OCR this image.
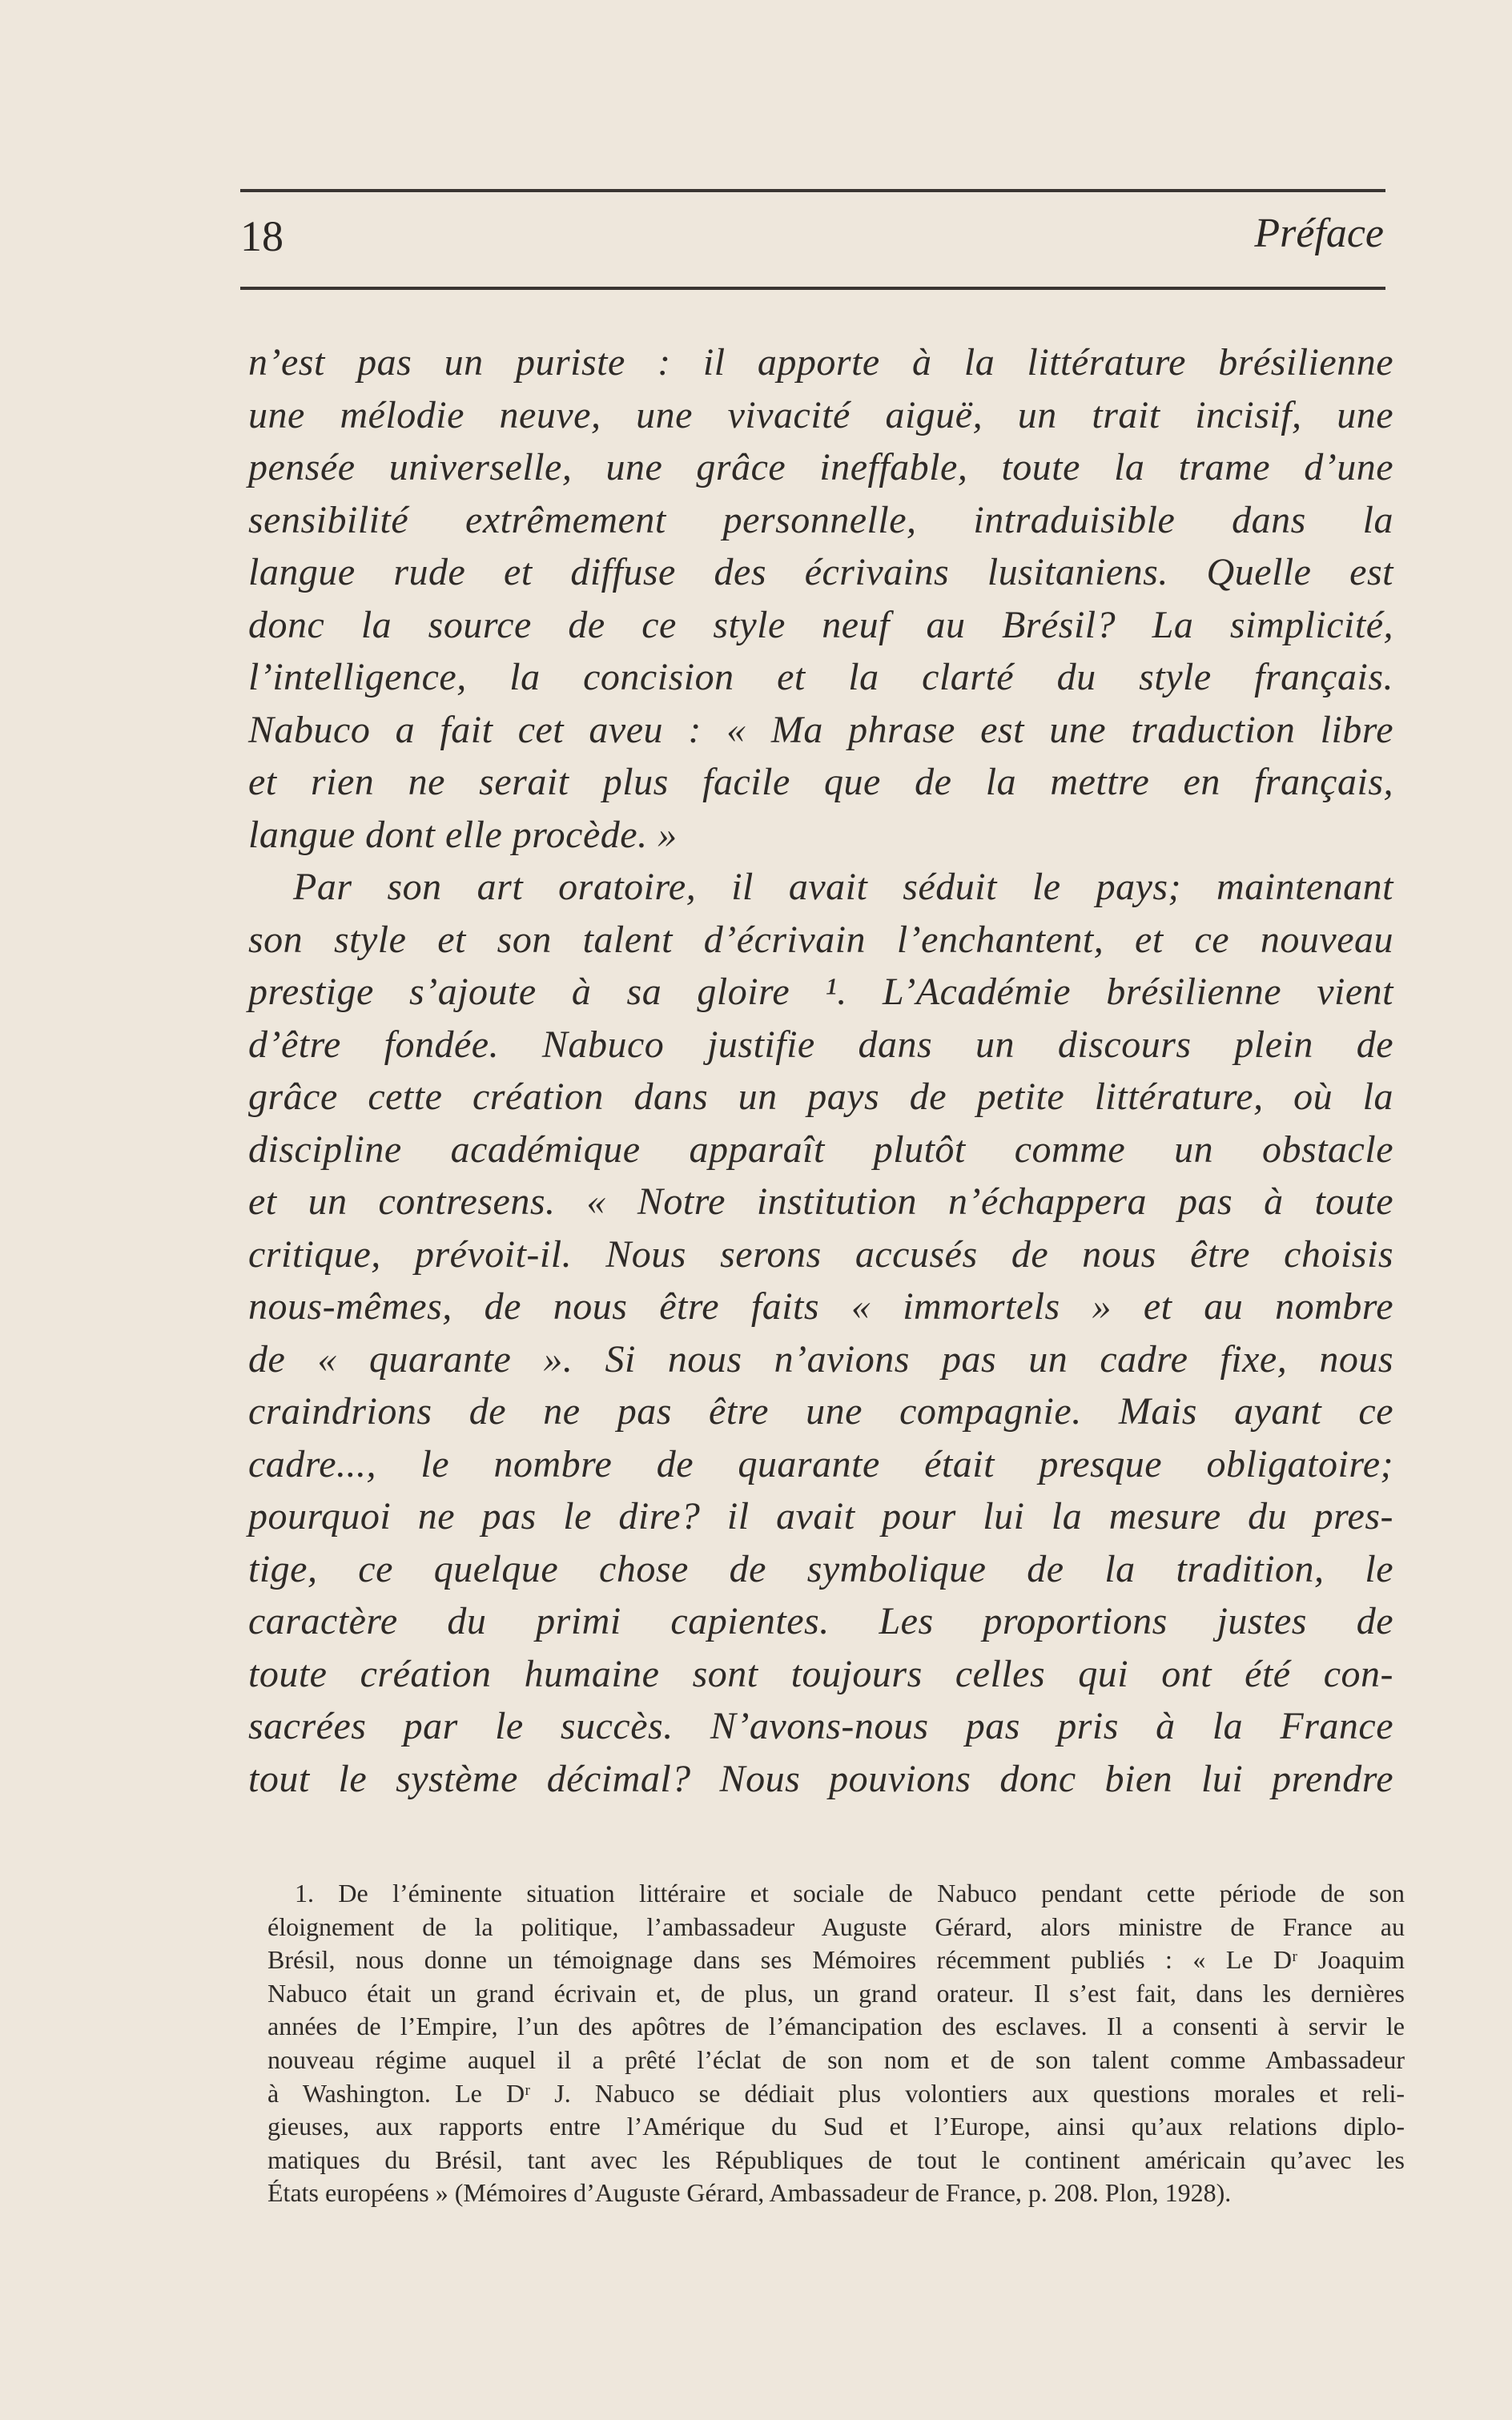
18	Préface
n’est pas un puriste : il apporte à la littérature brésilienne
une mélodie neuve, une vivacité aiguë, un trait incisif, une
pensée universelle, une grâce ineffable, toute la trame d’une
sensibilité extrêmement personnelle, intraduisible dans la
langue rude et diffuse des écrivains lusitaniens. Quelle est
donc la source de ce style neuf au Brésil? La simplicité,
l’intelligence, la concision et la clarté du style français.
Nabuco a fait cet aveu : « Ma phrase est une traduction libre
et rien ne serait plus facile que de la mettre en français,
langue dont elle procède. »
Par son art oratoire, il avait séduit le pays; maintenant
son style et son talent d’écrivain l’enchantent, et ce nouveau
prestige s’ajoute à sa gloire ¹. L’Académie brésilienne vient
d’être fondée. Nabuco justifie dans un discours plein de
grâce cette création dans un pays de petite littérature, où la
discipline académique apparaît plutôt comme un obstacle
et un contresens. « Notre institution n’échappera pas à toute
critique, prévoit-il. Nous serons accusés de nous être choisis
nous-mêmes, de nous être faits « immortels » et au nombre
de « quarante ». Si nous n’avions pas un cadre fixe, nous
craindrions de ne pas être une compagnie. Mais ayant ce
cadre..., le nombre de quarante était presque obligatoire;
pourquoi ne pas le dire? il avait pour lui la mesure du pres-
tige, ce quelque chose de symbolique de la tradition, le
caractère du primi capientes. Les proportions justes de
toute création humaine sont toujours celles qui ont été con-
sacrées par le succès. N’avons-nous pas pris à la France
tout le système décimal? Nous pouvions donc bien lui prendre
1. De l’éminente situation littéraire et sociale de Nabuco pendant cette période de son
éloignement de la politique, l’ambassadeur Auguste Gérard, alors ministre de France au
Brésil, nous donne un témoignage dans ses Mémoires récemment publiés : « Le Dʳ Joaquim
Nabuco était un grand écrivain et, de plus, un grand orateur. Il s’est fait, dans les dernières
années de l’Empire, l’un des apôtres de l’émancipation des esclaves. Il a consenti à servir le
nouveau régime auquel il a prêté l’éclat de son nom et de son talent comme Ambassadeur
à Washington. Le Dʳ J. Nabuco se dédiait plus volontiers aux questions morales et reli-
gieuses, aux rapports entre l’Amérique du Sud et l’Europe, ainsi qu’aux relations diplo-
matiques du Brésil, tant avec les Républiques de tout le continent américain qu’avec les
États européens » (Mémoires d’Auguste Gérard, Ambassadeur de France, p. 208. Plon, 1928).
